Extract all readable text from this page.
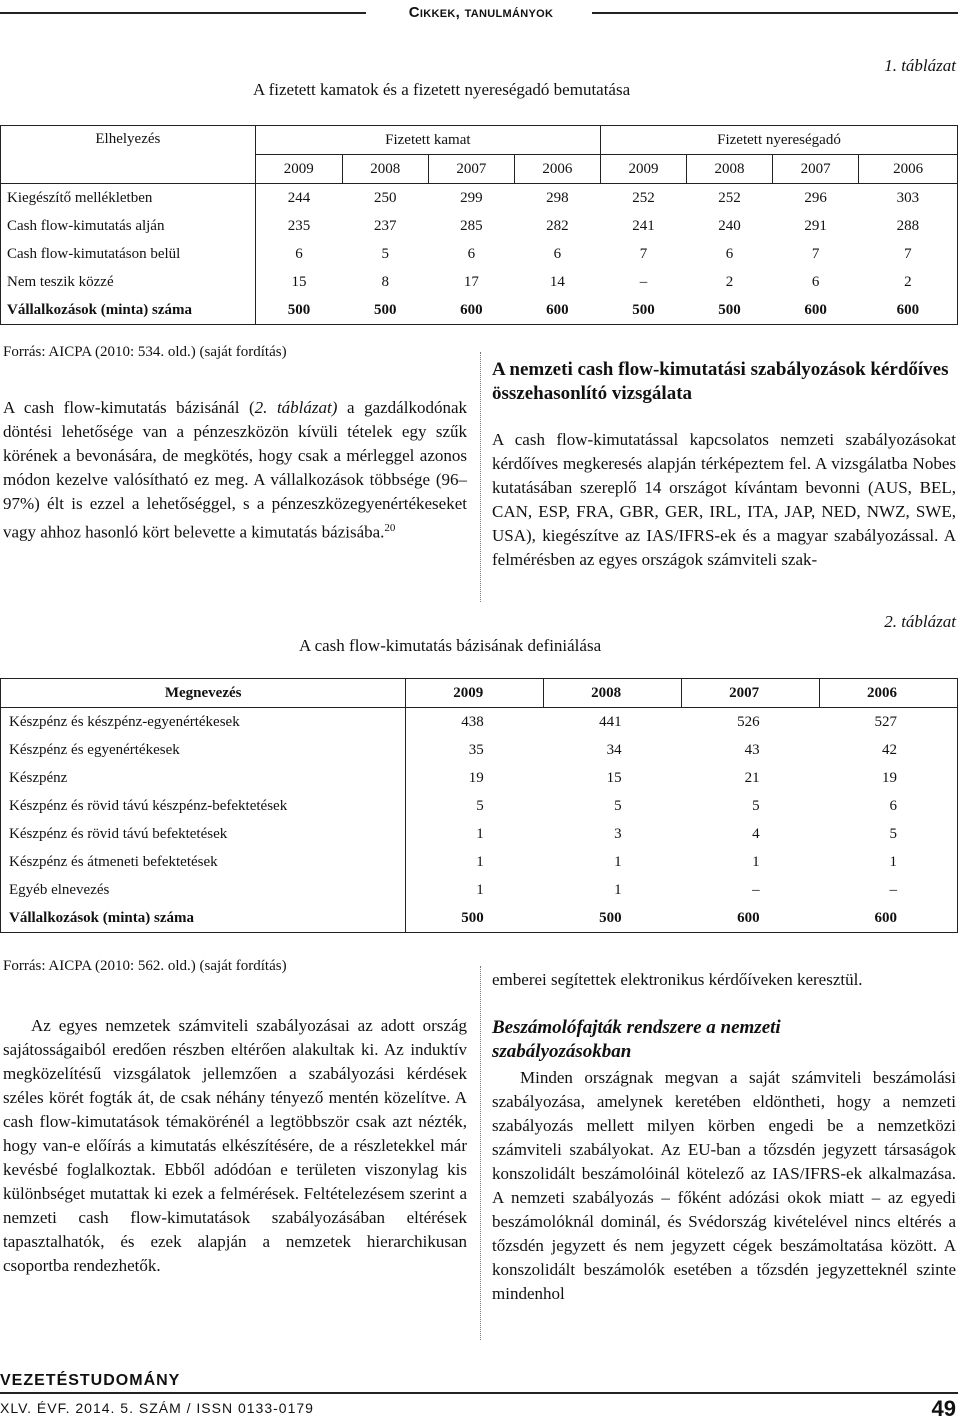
Cikkek, tanulmányok
1. táblázat
A fizetett kamatok és a fizetett nyereségadó bemutatása
Elhelyezés	Fizetett kamat				Fizetett nyereségadó			
	2009	2008	2007	2006	2009	2008	2007	2006
Kiegészítő mellékletben	244	250	299	298	252	252	296	303
Cash flow-kimutatás alján	235	237	285	282	241	240	291	288
Cash flow-kimutatáson belül	6	5	6	6	7	6	7	7
Nem teszik közzé	15	8	17	14	–	2	6	2
Vállalkozások (minta) száma	500	500	600	600	500	500	600	600
Forrás: AICPA (2010: 534. old.) (saját fordítás)
A cash flow-kimutatás bázisánál (2. táblázat) a gazdálkodónak döntési lehetősége van a pénzeszközön kívüli tételek egy szűk körének a bevonására, de megkötés, hogy csak a mérleggel azonos módon kezelve valósítható ez meg. A vállalkozások többsége (96–97%) élt is ezzel a lehetőséggel, s a pénzeszközegyenértékeseket vagy ahhoz hasonló kört belevette a kimutatás bázisába.$^{20}$
A nemzeti cash flow-kimutatási szabályozások kérdőíves összehasonlító vizsgálata
A cash flow-kimutatással kapcsolatos nemzeti szabályozásokat kérdőíves megkeresés alapján térképeztem fel. A vizsgálatba Nobes kutatásában szereplő 14 országot kívántam bevonni (AUS, BEL, CAN, ESP, FRA, GBR, GER, IRL, ITA, JAP, NED, NWZ, SWE, USA), kiegészítve az IAS/IFRS-ek és a magyar szabályozással. A felmérésben az egyes országok számviteli szak-
2. táblázat
A cash flow-kimutatás bázisának definiálása
Megnevezés	2009	2008	2007	2006
Készpénz és készpénz-egyenértékesek	438	441	526	527
Készpénz és egyenértékesek	35	34	43	42
Készpénz	19	15	21	19
Készpénz és rövid távú készpénz-befektetések	5	5	5	6
Készpénz és rövid távú befektetések	1	3	4	5
Készpénz és átmeneti befektetések	1	1	1	1
Egyéb elnevezés	1	1	–	–
Vállalkozások (minta) száma	500	500	600	600
Forrás: AICPA (2010: 562. old.) (saját fordítás)
Az egyes nemzetek számviteli szabályozásai az adott ország sajátosságaiból eredően részben eltérően alakultak ki. Az induktív megközelítésű vizsgálatok jellemzően a szabályozási kérdések széles körét fogták át, de csak néhány tényező mentén közelítve. A cash flow-kimutatások témakörénél a legtöbbször csak azt nézték, hogy van-e előírás a kimutatás elkészítésére, de a részletekkel már kevésbé foglalkoztak. Ebből adódóan e területen viszonylag kis különbséget mutattak ki ezek a felmérések. Feltételezésem szerint a nemzeti cash flow-kimutatások szabályozásában eltérések tapasztalhatók, és ezek alapján a nemzetek hierarchikusan csoportba rendezhetők.
emberei segítettek elektronikus kérdőíveken keresztül.
Beszámolófajták rendszere a nemzeti szabályozásokban
Minden országnak megvan a saját számviteli beszámolási szabályozása, amelynek keretében eldöntheti, hogy a nemzeti szabályozás mellett milyen körben engedi be a nemzetközi számviteli szabályokat. Az EU-ban a tőzsdén jegyzett társaságok konszolidált beszámolóinál kötelező az IAS/IFRS-ek alkalmazása. A nemzeti szabályozás – főként adózási okok miatt – az egyedi beszámolóknál dominál, és Svédország kivételével nincs eltérés a tőzsdén jegyzett és nem jegyzett cégek beszámoltatása között. A konszolidált beszámolók esetében a tőzsdén jegyzetteknél szinte mindenhol
VEZETÉSTUDOMÁNY
XLV. ÉVF. 2014. 5. SZÁM / ISSN 0133-0179	49
